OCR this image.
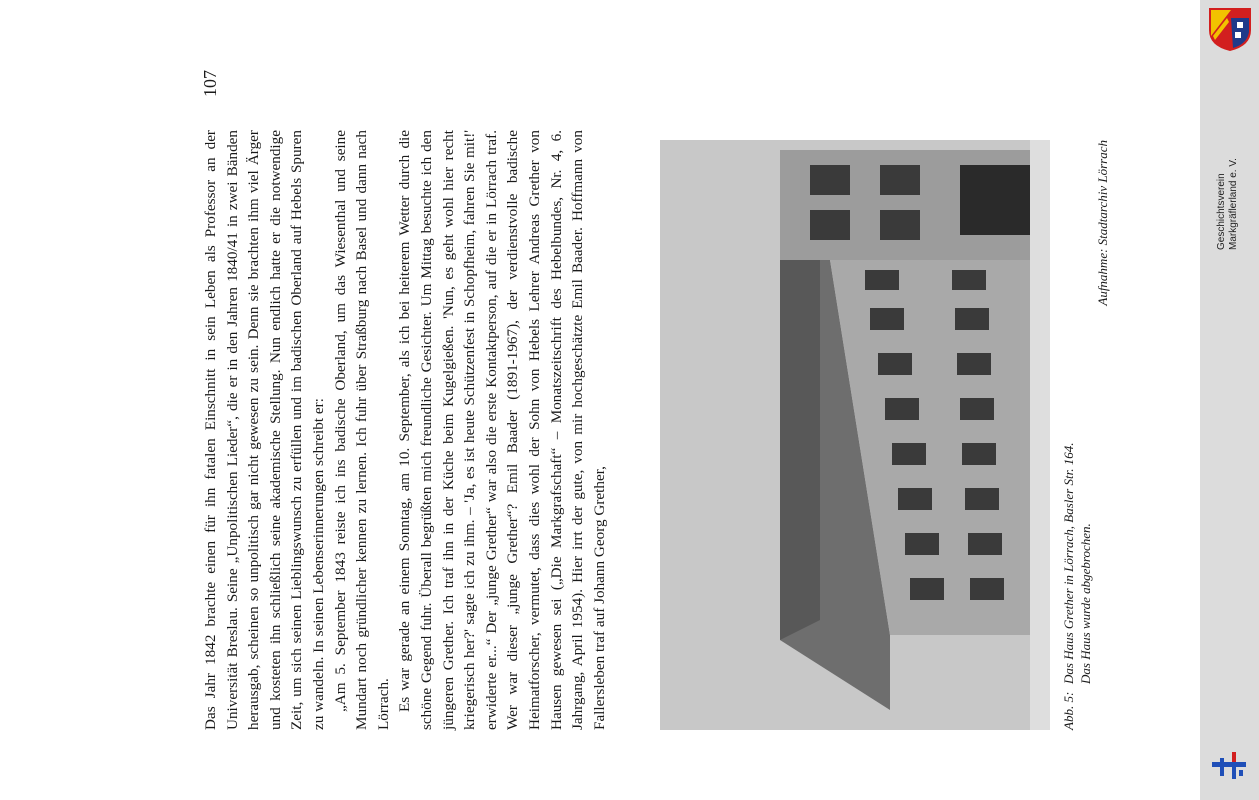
107

Das Jahr 1842 brachte einen für ihn fatalen Einschnitt in sein Leben als Professor an der Universität Breslau. Seine „Unpolitischen Lieder“, die er in den Jahren 1840/41 in zwei Bänden herausgab, scheinen so unpolitisch gar nicht gewesen zu sein. Denn sie brachten ihm viel Ärger und kosteten ihn schließlich seine akademische Stellung. Nun endlich hatte er die notwendige Zeit, um sich seinen Lieblingswunsch zu erfüllen und im badischen Oberland auf Hebels Spuren zu wandeln. In seinen Lebenserinnerungen schreibt er: „Am 5. September 1843 reiste ich ins badische Oberland, um das Wiesenthal und seine Mundart noch gründlicher kennen zu lernen. Ich fuhr über Straßburg nach Basel und dann nach Lörrach. Es war gerade an einem Sonntag, am 10. September, als ich bei heiterem Wetter durch die schöne Gegend fuhr. Überall begrüßten mich freundliche Gesichter. Um Mittag besuchte ich den jüngeren Grether. Ich traf ihn in der Küche beim Kugelgießen. 'Nun, es geht wohl hier recht kriegerisch her?' sagte ich zu ihm. – 'Ja, es ist heute Schützenfest in Schopfheim, fahren Sie mit!' erwiderte er...“ Der „junge Grether“ war also die erste Kontaktperson, auf die er in Lörrach traf. Wer war dieser „junge Grether“? Emil Baader (1891-1967), der verdienstvolle badische Heimatforscher, vermutet, dass dies wohl der Sohn von Hebels Lehrer Andreas Grether von Hausen gewesen sei („Die Markgrafschaft“ – Monatszeitschrift des Hebelbundes, Nr. 4, 6. Jahrgang, April 1954). Hier irrt der gute, von mir hochgeschätzte Emil Baader. Hoffmann von Fallersleben traf auf Johann Georg Grether,	Abb. 5:Das Haus Grether in Lörrach, Basler Str. 164. Das Haus wurde abgebrochen.
Aufnahme: Stadtarchiv Lörrach	Geschichtsverein Markgräflerland e. V.
